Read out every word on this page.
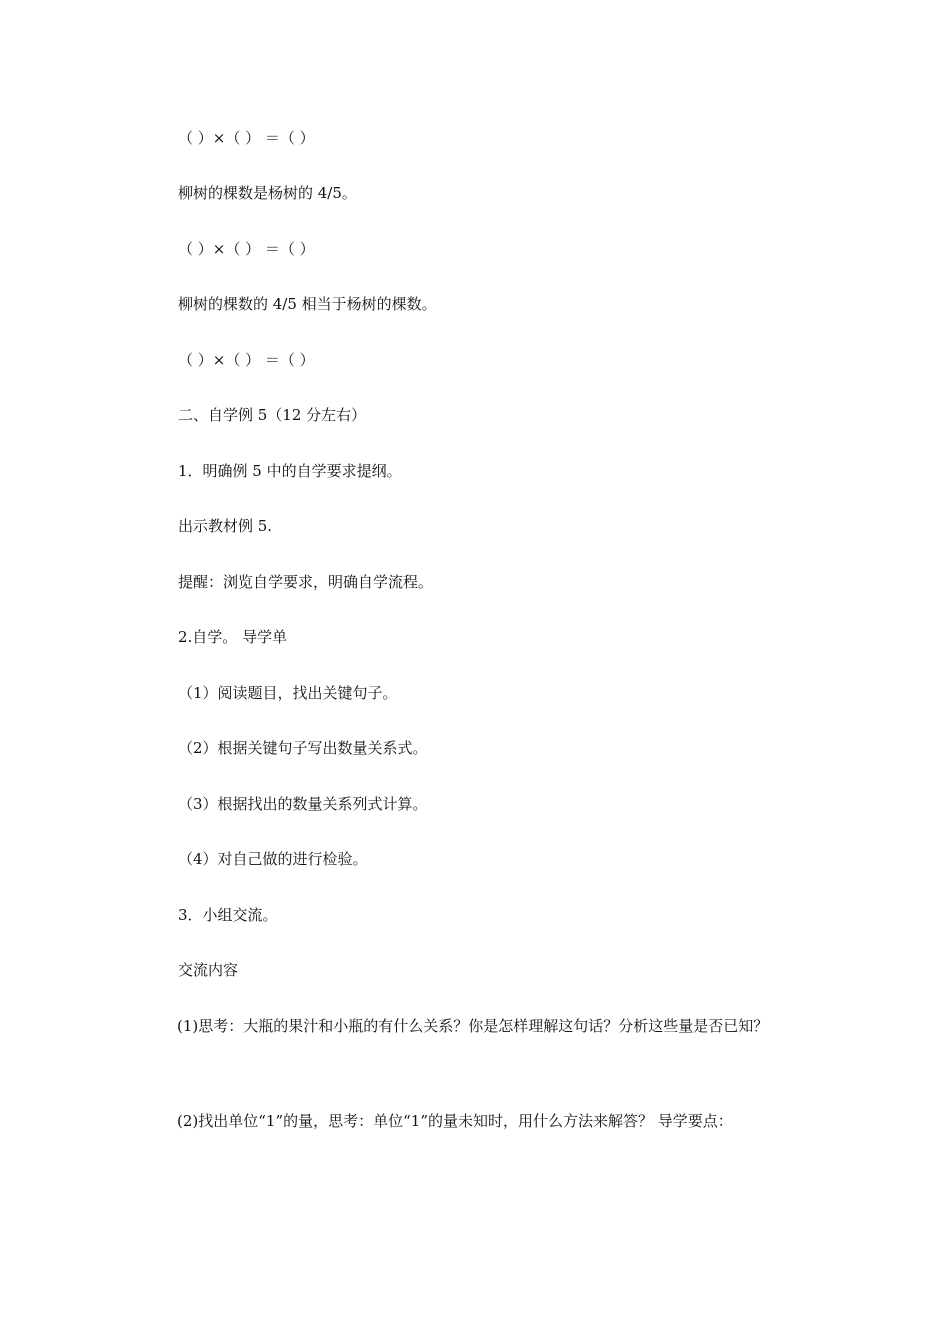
（ ）×（ ） ＝（ ）
柳树的棵数是杨树的 4/5。
（ ）×（ ） ＝（ ）
柳树的棵数的 4/5 相当于杨树的棵数。
（ ）×（ ） ＝（ ）
二、自学例 5（12 分左右）
1．明确例 5 中的自学要求提纲。
出示教材例 5.
提醒：浏览自学要求，明确自学流程。
2.自学。 导学单
（1）阅读题目，找出关键句子。
（2）根据关键句子写出数量关系式。
（3）根据找出的数量关系列式计算。
（4）对自己做的进行检验。
3．小组交流。
交流内容
(1)思考：大瓶的果汁和小瓶的有什么关系？你是怎样理解这句话？分析这些量是否已知？
(2)找出单位“1”的量，思考：单位“1”的量未知时，用什么方法来解答？ 导学要点：
